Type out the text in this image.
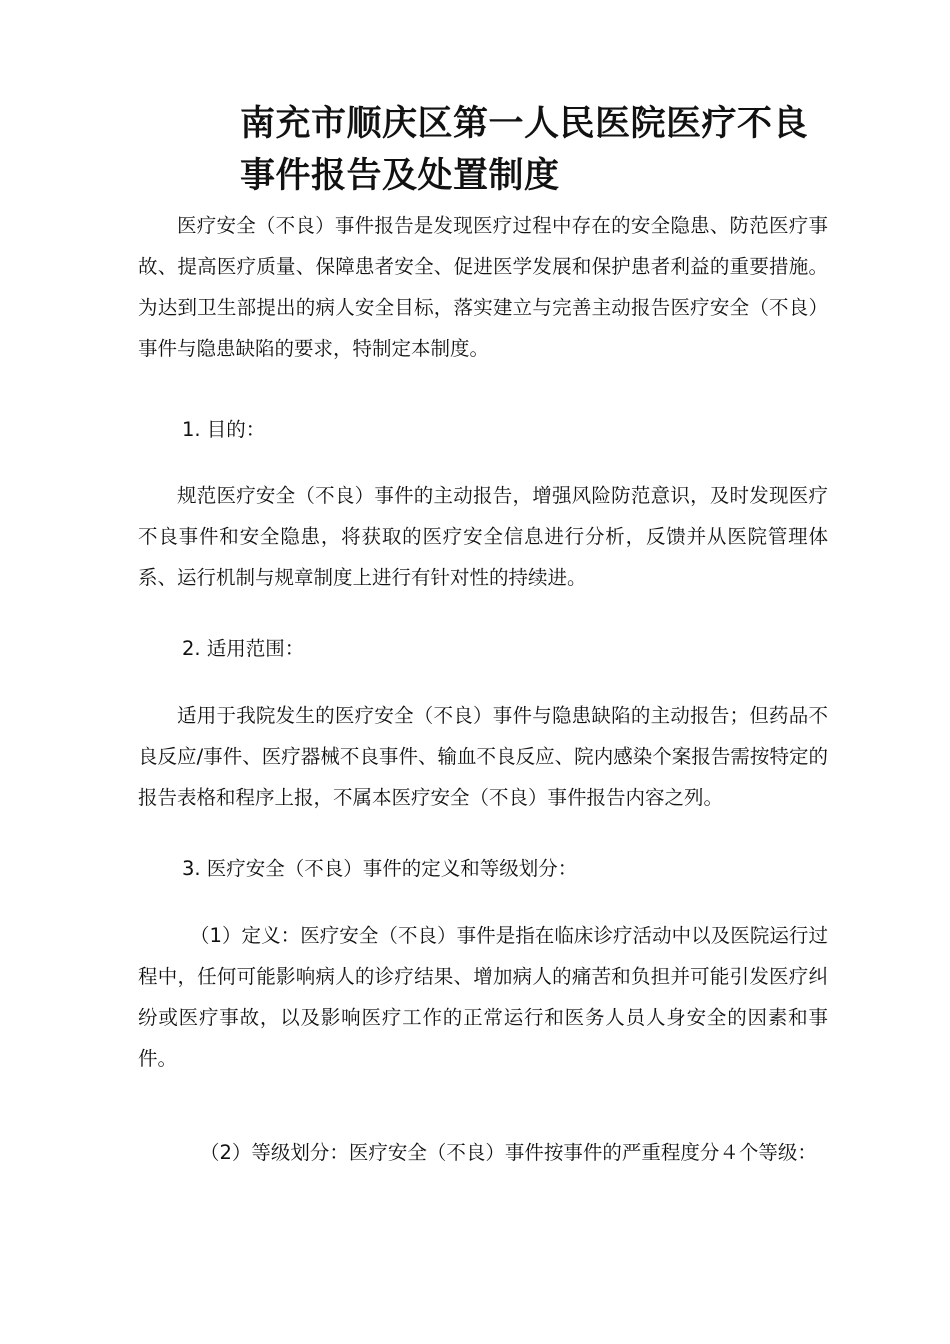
南充市顺庆区第一人民医院医疗不良
事件报告及处置制度

医疗安全（不良）事件报告是发现医疗过程中存在的安全隐患、防范医疗事故、提高医疗质量、保障患者安全、促进医学发展和保护患者利益的重要措施。为达到卫生部提出的病人安全目标，落实建立与完善主动报告医疗安全（不良）事件与隐患缺陷的要求，特制定本制度。

1. 目的：

规范医疗安全（不良）事件的主动报告，增强风险防范意识，及时发现医疗不良事件和安全隐患，将获取的医疗安全信息进行分析，反馈并从医院管理体系、运行机制与规章制度上进行有针对性的持续进。

2. 适用范围：

适用于我院发生的医疗安全（不良）事件与隐患缺陷的主动报告；但药品不良反应/事件、医疗器械不良事件、输血不良反应、院内感染个案报告需按特定的报告表格和程序上报，不属本医疗安全（不良）事件报告内容之列。

3. 医疗安全（不良）事件的定义和等级划分：

（1）定义：医疗安全（不良）事件是指在临床诊疗活动中以及医院运行过程中，任何可能影响病人的诊疗结果、增加病人的痛苦和负担并可能引发医疗纠纷或医疗事故，以及影响医疗工作的正常运行和医务人员人身安全的因素和事件。

（2）等级划分：医疗安全（不良）事件按事件的严重程度分４个等级：
